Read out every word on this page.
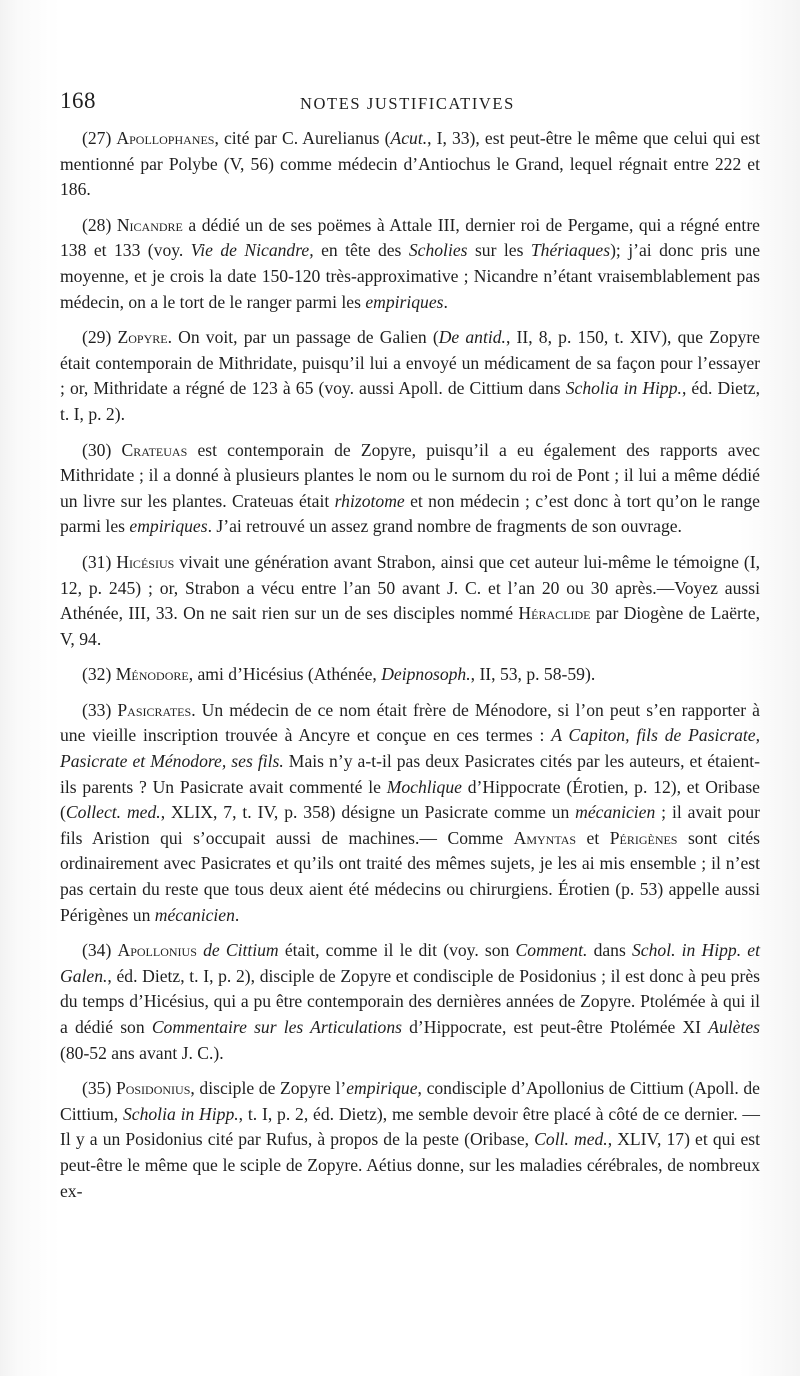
168	NOTES JUSTIFICATIVES

(27) Apollophanes, cité par C. Aurelianus (Acut., I, 33), est peut-être le même que celui qui est mentionné par Polybe (V, 56) comme médecin d’Antiochus le Grand, lequel régnait entre 222 et 186.

(28) Nicandre a dédié un de ses poëmes à Attale III, dernier roi de Pergame, qui a régné entre 138 et 133 (voy. Vie de Nicandre, en tête des Scholies sur les Thériaques); j’ai donc pris une moyenne, et je crois la date 150-120 très-approximative ; Nicandre n’étant vraisemblablement pas médecin, on a le tort de le ranger parmi les empiriques.

(29) Zopyre. On voit, par un passage de Galien (De antid., II, 8, p. 150, t. XIV), que Zopyre était contemporain de Mithridate, puisqu’il lui a envoyé un médicament de sa façon pour l’essayer ; or, Mithridate a régné de 123 à 65 (voy. aussi Apoll. de Cittium dans Scholia in Hipp., éd. Dietz, t. I, p. 2).

(30) Crateuas est contemporain de Zopyre, puisqu’il a eu également des rapports avec Mithridate ; il a donné à plusieurs plantes le nom ou le surnom du roi de Pont ; il lui a même dédié un livre sur les plantes. Crateuas était rhizotome et non médecin ; c’est donc à tort qu’on le range parmi les empiriques. J’ai retrouvé un assez grand nombre de fragments de son ouvrage.

(31) Hicésius vivait une génération avant Strabon, ainsi que cet auteur lui-même le témoigne (I, 12, p. 245) ; or, Strabon a vécu entre l’an 50 avant J. C. et l’an 20 ou 30 après.—Voyez aussi Athénée, III, 33. On ne sait rien sur un de ses disciples nommé Héraclide par Diogène de Laërte, V, 94.

(32) Ménodore, ami d’Hicésius (Athénée, Deipnosoph., II, 53, p. 58-59).

(33) Pasicrates. Un médecin de ce nom était frère de Ménodore, si l’on peut s’en rapporter à une vieille inscription trouvée à Ancyre et conçue en ces termes : A Capiton, fils de Pasicrate, Pasicrate et Ménodore, ses fils. Mais n’y a-t-il pas deux Pasicrates cités par les auteurs, et étaient-ils parents ? Un Pasicrate avait commenté le Mochlique d’Hippocrate (Érotien, p. 12), et Oribase (Collect. med., XLIX, 7, t. IV, p. 358) désigne un Pasicrate comme un mécanicien ; il avait pour fils Aristion qui s’occupait aussi de machines.— Comme Amyntas et Périgènes sont cités ordinairement avec Pasicrates et qu’ils ont traité des mêmes sujets, je les ai mis ensemble ; il n’est pas certain du reste que tous deux aient été médecins ou chirurgiens. Érotien (p. 53) appelle aussi Périgènes un mécanicien.

(34) Apollonius de Cittium était, comme il le dit (voy. son Comment. dans Schol. in Hipp. et Galen., éd. Dietz, t. I, p. 2), disciple de Zopyre et condisciple de Posidonius ; il est donc à peu près du temps d’Hicésius, qui a pu être contemporain des dernières années de Zopyre. Ptolémée à qui il a dédié son Commentaire sur les Articulations d’Hippocrate, est peut-être Ptolémée XI Aulètes (80-52 ans avant J. C.).

(35) Posidonius, disciple de Zopyre l’empirique, condisciple d’Apollonius de Cittium (Apoll. de Cittium, Scholia in Hipp., t. I, p. 2, éd. Dietz), me semble devoir être placé à côté de ce dernier. — Il y a un Posidonius cité par Rufus, à propos de la peste (Oribase, Coll. med., XLIV, 17) et qui est peut-être le même que le sciple de Zopyre. Aétius donne, sur les maladies cérébrales, de nombreux ex-
